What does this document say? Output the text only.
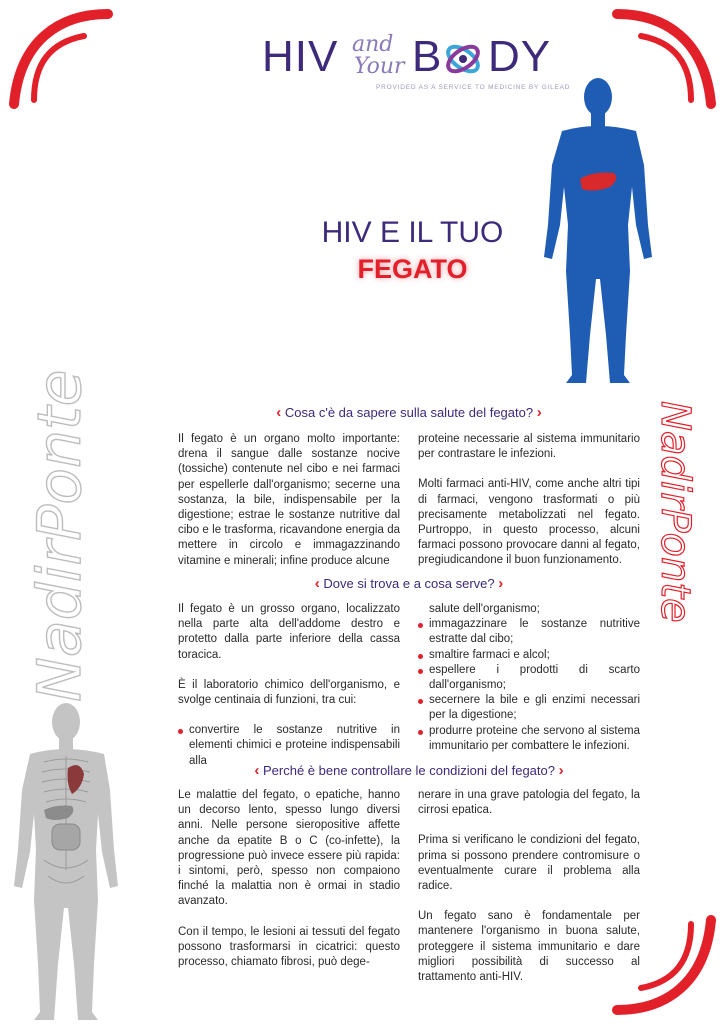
HIV and
Your B DY
PROVIDED AS A SERVICE TO MEDICINE BY GILEAD
HIV E IL TUO
FEGATO
NadirPonte	NadirPonte
‹ Cosa c'è da sapere sulla salute del fegato? ›

Il fegato è un organo molto importante: drena il sangue dalle sostanze nocive (tossiche) contenute nel cibo e nei farmaci per espellerle dall'organismo; secerne una sostanza, la bile, indispensabile per la digestione; estrae le sostanze nutritive dal cibo e le trasforma, ricavandone energia da mettere in circolo e immagazzinando vitamine e minerali; infine produce alcune

proteine necessarie al sistema immunitario per contrastare le infezioni.

Molti farmaci anti-HIV, come anche altri tipi di farmaci, vengono trasformati o più precisamente metabolizzati nel fegato. Purtroppo, in questo processo, alcuni farmaci possono provocare danni al fegato, pregiudicandone il buon funzionamento.

‹ Dove si trova e a cosa serve? ›

Il fegato è un grosso organo, localizzato nella parte alta dell'addome destro e protetto dalla parte inferiore della cassa toracica.

È il laboratorio chimico dell'organismo, e svolge centinaia di funzioni, tra cui:

convertire le sostanze nutritive in elementi chimici e proteine indispensabili alla
salute dell'organismo;
immagazzinare le sostanze nutritive estratte dal cibo;
smaltire farmaci e alcol;
espellere i prodotti di scarto dall'organismo;
secernere la bile e gli enzimi necessari per la digestione;
produrre proteine che servono al sistema immunitario per combattere le infezioni.
‹ Perché è bene controllare le condizioni del fegato? ›

Le malattie del fegato, o epatiche, hanno un decorso lento, spesso lungo diversi anni. Nelle persone sieropositive affette anche da epatite B o C (co-infette), la progressione può invece essere più rapida: i sintomi, però, spesso non compaiono finché la malattia non è ormai in stadio avanzato.

Con il tempo, le lesioni ai tessuti del fegato possono trasformarsi in cicatrici: questo processo, chiamato fibrosi, può dege-

nerare in una grave patologia del fegato, la cirrosi epatica.

Prima si verificano le condizioni del fegato, prima si possono prendere contromisure o eventualmente curare il problema alla radice.

Un fegato sano è fondamentale per mantenere l'organismo in buona salute, proteggere il sistema immunitario e dare migliori possibilità di successo al trattamento anti-HIV.
